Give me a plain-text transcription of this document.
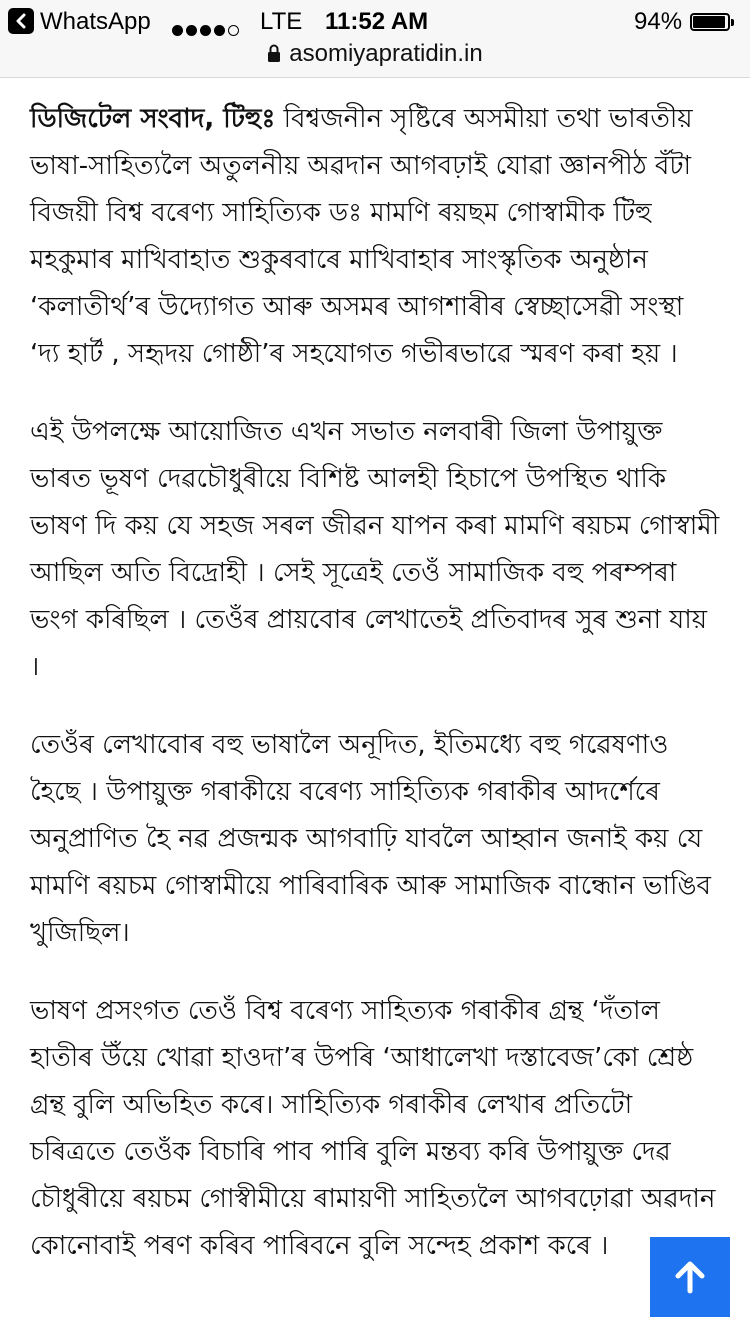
WhatsApp	LTE 11:52 AM	94%
asomiyapratidin.in

ডিজিটেল সংবাদ, টিহুঃ বিশ্বজনীন সৃষ্টিৰে অসমীয়া তথা ভাৰতীয় ভাষা-সাহিত্যলৈ অতুলনীয় অৱদান আগবঢ়াই যোৱা জ্ঞানপীঠ বঁটা বিজয়ী বিশ্ব বৰেণ্য সাহিত্যিক ডঃ মামণি ৰয়ছম গোস্বামীক টিহু মহকুমাৰ মাখিবাহাত শুকুৰবাৰে মাখিবাহাৰ সাংস্কৃতিক অনুষ্ঠান ‘কলাতীৰ্থ’ৰ উদ্যোগত আৰু অসমৰ আগশাৰীৰ স্বেচ্ছাসেৱী সংস্থা ‘দ্য হাৰ্ট , সহৃদয় গোষ্ঠী’ৰ সহযোগত গভীৰভাৱে স্মৰণ কৰা হয় ।

এই উপলক্ষে আয়োজিত এখন সভাত নলবাৰী জিলা উপায়ুক্ত ভাৰত ভূষণ দেৱচৌধুৰীয়ে বিশিষ্ট আলহী হিচাপে উপস্থিত থাকি ভাষণ দি কয় যে সহজ সৰল জীৱন যাপন কৰা মামণি ৰয়চম গোস্বামী আছিল অতি বিদ্ৰোহী । সেই সূত্ৰেই তেওঁ সামাজিক বহু পৰম্পৰা ভংগ কৰিছিল । তেওঁৰ প্ৰায়বোৰ লেখাতেই প্ৰতিবাদৰ সুৰ শুনা যায় ।

তেওঁৰ লেখাবোৰ বহু ভাষালৈ অনূদিত, ইতিমধ্যে বহু গৱেষণাও হৈছে । উপায়ুক্ত গৰাকীয়ে বৰেণ্য সাহিত্যিক গৰাকীৰ আদৰ্শেৰে অনুপ্ৰাণিত হৈ নৱ প্ৰজন্মক আগবাঢ়ি যাবলৈ আহ্বান জনাই কয় যে মামণি ৰয়চম গোস্বামীয়ে পাৰিবাৰিক আৰু সামাজিক বান্ধোন ভাঙিব খুজিছিল।

ভাষণ প্ৰসংগত তেওঁ বিশ্ব বৰেণ্য সাহিত্যক গৰাকীৰ গ্ৰন্থ ‘দঁতাল হাতীৰ উঁয়ে খোৱা হাওদা’ৰ উপৰি ‘আধালেখা দস্তাবেজ’কো শ্ৰেষ্ঠ গ্ৰন্থ বুলি অভিহিত কৰে। সাহিত্যিক গৰাকীৰ লেখাৰ প্ৰতিটো চৰিত্ৰতে তেওঁক বিচাৰি পাব পাৰি বুলি মন্তব্য কৰি উপায়ুক্ত দেৱ চৌধুৰীয়ে ৰয়চম গোস্বীমীয়ে ৰামায়ণী সাহিত্যলৈ আগবঢ়োৱা অৱদান কোনোবাই পৰণ কৰিব পাৰিবনে বুলি সন্দেহ প্ৰকাশ কৰে ।
